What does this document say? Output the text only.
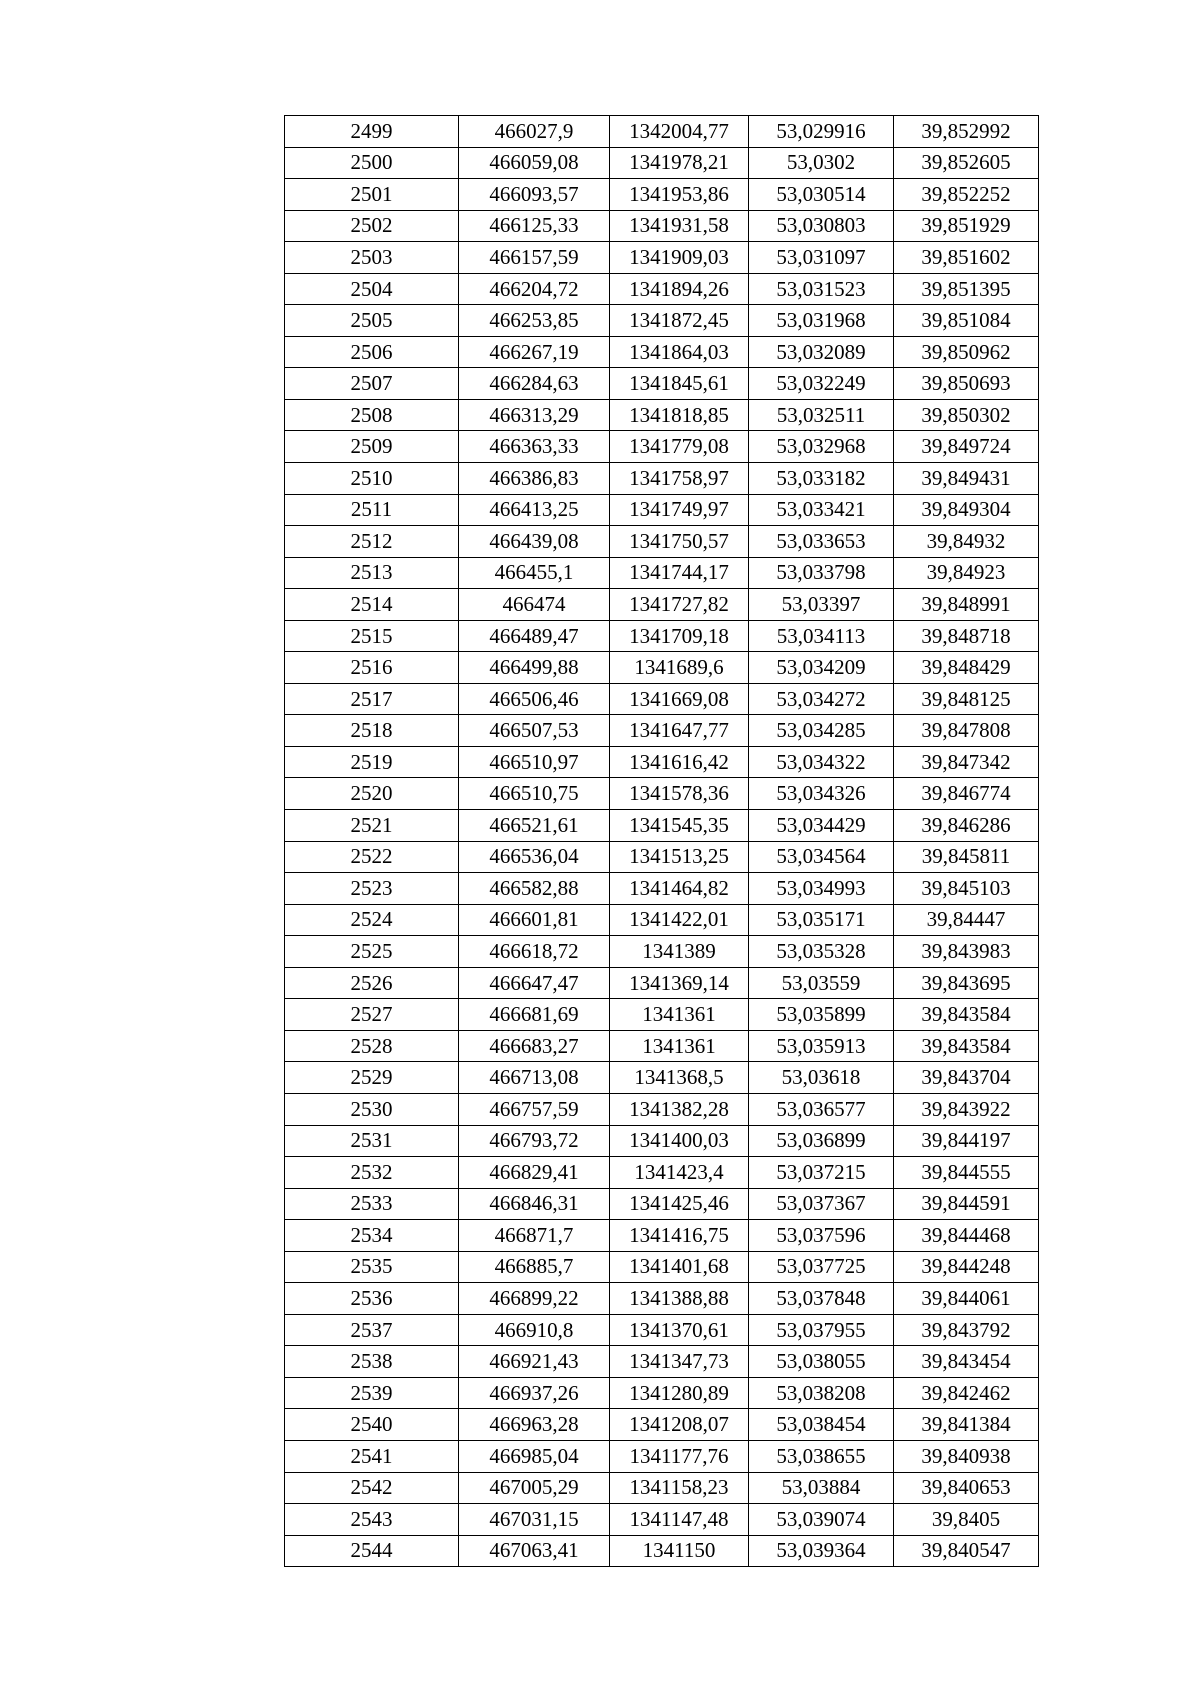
2499	466027,9	1342004,77	53,029916	39,852992
2500	466059,08	1341978,21	53,0302	39,852605
2501	466093,57	1341953,86	53,030514	39,852252
2502	466125,33	1341931,58	53,030803	39,851929
2503	466157,59	1341909,03	53,031097	39,851602
2504	466204,72	1341894,26	53,031523	39,851395
2505	466253,85	1341872,45	53,031968	39,851084
2506	466267,19	1341864,03	53,032089	39,850962
2507	466284,63	1341845,61	53,032249	39,850693
2508	466313,29	1341818,85	53,032511	39,850302
2509	466363,33	1341779,08	53,032968	39,849724
2510	466386,83	1341758,97	53,033182	39,849431
2511	466413,25	1341749,97	53,033421	39,849304
2512	466439,08	1341750,57	53,033653	39,84932
2513	466455,1	1341744,17	53,033798	39,84923
2514	466474	1341727,82	53,03397	39,848991
2515	466489,47	1341709,18	53,034113	39,848718
2516	466499,88	1341689,6	53,034209	39,848429
2517	466506,46	1341669,08	53,034272	39,848125
2518	466507,53	1341647,77	53,034285	39,847808
2519	466510,97	1341616,42	53,034322	39,847342
2520	466510,75	1341578,36	53,034326	39,846774
2521	466521,61	1341545,35	53,034429	39,846286
2522	466536,04	1341513,25	53,034564	39,845811
2523	466582,88	1341464,82	53,034993	39,845103
2524	466601,81	1341422,01	53,035171	39,84447
2525	466618,72	1341389	53,035328	39,843983
2526	466647,47	1341369,14	53,03559	39,843695
2527	466681,69	1341361	53,035899	39,843584
2528	466683,27	1341361	53,035913	39,843584
2529	466713,08	1341368,5	53,03618	39,843704
2530	466757,59	1341382,28	53,036577	39,843922
2531	466793,72	1341400,03	53,036899	39,844197
2532	466829,41	1341423,4	53,037215	39,844555
2533	466846,31	1341425,46	53,037367	39,844591
2534	466871,7	1341416,75	53,037596	39,844468
2535	466885,7	1341401,68	53,037725	39,844248
2536	466899,22	1341388,88	53,037848	39,844061
2537	466910,8	1341370,61	53,037955	39,843792
2538	466921,43	1341347,73	53,038055	39,843454
2539	466937,26	1341280,89	53,038208	39,842462
2540	466963,28	1341208,07	53,038454	39,841384
2541	466985,04	1341177,76	53,038655	39,840938
2542	467005,29	1341158,23	53,03884	39,840653
2543	467031,15	1341147,48	53,039074	39,8405
2544	467063,41	1341150	53,039364	39,840547
